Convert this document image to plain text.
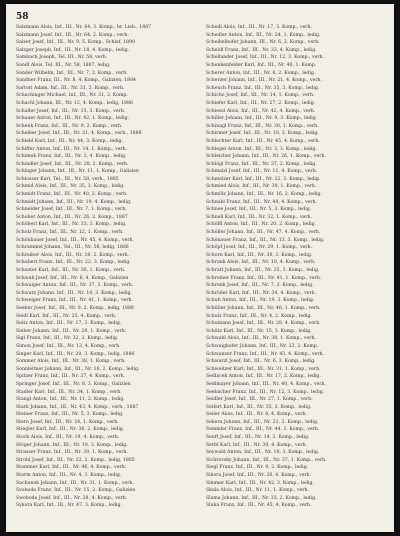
58
Salzmann Alois, Inf., III., Nr. 64, 3. Komp., br. Lieb., 1887
Salzmann Josef, Inf., III., Nr. 64, 2. Komp., verh.
Salzer Josef, Inf., III., Nr. 9, 5. Komp., Schlaf, 1890
Salzger Joseph, Inf., III., Nr. 18, 4. Komp., ledig.
Sambach Joseph, Tel. III., Nr. 58, verh.
Sandl Alois, Tel. III., Nr. 58, 1887, ledig.
Sander Wilhelm, Inf., III., Nr. 7, 2. Komp., verh.
Sandner Franz, III., Nr. 8, 4. Komp., Galizien, 1884
Sartori Adam, Inf., III., Nr. 31, 2. Komp., verh.
Schachinger Michael, Inf., III., Nr. 31, 2. Komp.
Schachl Johann, III., Nr. 12, 4. Komp., ledig, 1886
Schaller Josef, Inf., III., Nr. 15, 3. Komp., verh.
Schauer Anton, Inf., III., Nr. 42, 1. Komp., ledig.
Schenk Franz, Inf., III., Nr. 9, 2. Komp., verh.
Scheiber Josef, Inf., III., Nr. 21, 4. Komp., verh., 1888
Schiebl Karl, Inf., III., Nr. 44, 3. Komp., ledig.
Schiffer Anton, Inf., III., Nr. 14, 1. Komp., verh.
Schimek Franz, Inf., III., Nr. 3, 4. Komp., ledig.
Schindler Josef, Inf., III., Nr. 28, 2. Komp., verh.
Schlager Johann, Inf., III., Nr. 11, 1. Komp., Galizien
Schlosser Karl, Tel., III., Nr. 58, verh., 1885
Schmid Alois, Inf., III., Nr. 35, 3. Komp., ledig.
Schmidt Franz, Inf., III., Nr. 40, 2. Komp., verh.
Schmidt Johann, Inf., III., Nr. 19, 4. Komp., ledig.
Schneider Josef, Inf., III., Nr. 7, 1. Komp., verh.
Schober Anton, Inf., III., Nr. 26, 2. Komp., 1887
Schöberl Karl, Inf., III., Nr. 33, 3. Komp., ledig.
Scholz Franz, Inf., III., Nr. 12, 1. Komp., verh.
Schönbauer Josef, Inf., III., Nr. 45, 4. Komp., verh.
Schrammel Johann, Tel., III., Nr. 58, ledig, 1886
Schreiber Alois, Inf., III., Nr. 18, 2. Komp., verh.
Schubert Franz, Inf., III., Nr. 22, 3. Komp., ledig.
Schuster Karl, Inf., III., Nr. 30, 1. Komp., verh.
Schwab Josef, Inf., III., Nr. 6, 4. Komp., Galizien
Schwaiger Anton, Inf., III., Nr. 37, 2. Komp., verh.
Schwarz Johann, Inf., III., Nr. 14, 3. Komp., ledig.
Schweiger Franz, Inf., III., Nr. 41, 1. Komp., verh.
Seeber Josef, Inf., III., Nr. 9, 2. Komp., ledig, 1888
Seidl Karl, Inf., III., Nr. 25, 4. Komp., verh.
Seitz Anton, Inf., III., Nr. 17, 3. Komp., ledig.
Sieber Johann, Inf., III., Nr. 29, 1. Komp., verh.
Sigl Franz, Inf., III., Nr. 32, 2. Komp., ledig.
Simon Josef, Inf., III., Nr. 13, 4. Komp., verh.
Singer Karl, Inf., III., Nr. 20, 3. Komp., ledig, 1886
Sommer Alois, Inf., III., Nr. 38, 1. Komp., verh.
Sonnleitner Johann, Inf., III., Nr. 16, 2. Komp., ledig.
Spitzer Franz, Inf., III., Nr. 27, 4. Komp., verh.
Springer Josef, Inf., III., Nr. 8, 3. Komp., Galizien
Stadler Karl, Inf., III., Nr. 34, 1. Komp., verh.
Stangl Anton, Inf., III., Nr. 11, 2. Komp., ledig.
Stark Johann, Inf., III., Nr. 43, 4. Komp., verh., 1887
Steiner Franz, Inf., III., Nr. 5, 3. Komp., ledig.
Stern Josef, Inf., III., Nr. 24, 1. Komp., verh.
Stiegler Karl, Inf., III., Nr. 36, 2. Komp., ledig.
Stock Alois, Inf., III., Nr. 19, 4. Komp., verh.
Stöger Johann, Inf., III., Nr. 10, 3. Komp., ledig.
Strasser Franz, Inf., III., Nr. 39, 1. Komp., verh.
Strobl Josef, Inf., III., Nr. 23, 2. Komp., ledig, 1885
Stummer Karl, Inf., III., Nr. 46, 4. Komp., verh.
Sturm Anton, Inf., III., Nr. 4, 3. Komp., ledig.
Suchanek Johann, Inf., III., Nr. 31, 1. Komp., verh.
Svoboda Franz, Inf., III., Nr. 15, 2. Komp., Galizien
Swoboda Josef, Inf., III., Nr. 28, 4. Komp., verh.
Sykora Karl, Inf., III., Nr. 47, 3. Komp., ledig.
Schedl Alois, Inf., III., Nr. 17, 3. Komp., verh.
Schedler Anton, Inf., III., Nr. 24, 1. Komp., ledig.
Scheibelhofer Johann, III., Nr. 6, 2. Komp., verh.
Scheidl Franz, Inf., III., Nr. 33, 4. Komp., ledig.
Schellander Josef, Inf., III., Nr. 12, 3. Komp., verh.
Schenkenfelder Karl, Inf., III., Nr. 40, 1. Komp.
Scherer Anton, Inf., III., Nr. 8, 2. Komp., ledig.
Scherzer Johann, Inf., III., Nr. 21, 4. Komp., verh.
Scheuch Franz, Inf., III., Nr. 35, 3. Komp., ledig.
Schicho Josef, Inf., III., Nr. 14, 1. Komp., verh.
Schiefer Karl, Inf., III., Nr. 27, 2. Komp., ledig.
Schiessl Alois, Inf., III., Nr. 42, 4. Komp., verh.
Schiller Johann, Inf., III., Nr. 9, 3. Komp., ledig.
Schinagl Franz, Inf., III., Nr. 30, 1. Komp., verh.
Schirmer Josef, Inf., III., Nr. 18, 2. Komp., ledig.
Schlechter Karl, Inf., III., Nr. 45, 4. Komp., verh.
Schlegel Anton, Inf., III., Nr. 3, 3. Komp., ledig.
Schleicher Johann, Inf., III., Nr. 26, 1. Komp., verh.
Schlögl Franz, Inf., III., Nr. 37, 2. Komp., ledig.
Schmalzl Josef, Inf., III., Nr. 11, 4. Komp., verh.
Schmelzer Karl, Inf., III., Nr. 22, 3. Komp., ledig.
Schmied Alois, Inf., III., Nr. 39, 1. Komp., verh.
Schmölz Johann, Inf., III., Nr. 16, 2. Komp., ledig.
Schnabl Franz, Inf., III., Nr. 44, 4. Komp., verh.
Schnee Josef, Inf., III., Nr. 5, 3. Komp., ledig.
Schnell Karl, Inf., III., Nr. 32, 1. Komp., verh.
Schöffl Anton, Inf., III., Nr. 20, 2. Komp., ledig.
Schöller Johann, Inf., III., Nr. 47, 4. Komp., verh.
Schönauer Franz, Inf., III., Nr. 13, 3. Komp., ledig.
Schöpf Josef, Inf., III., Nr. 29, 1. Komp., verh.
Schorn Karl, Inf., III., Nr. 36, 2. Komp., ledig.
Schrank Alois, Inf., III., Nr. 10, 4. Komp., verh.
Schratt Johann, Inf., III., Nr. 25, 3. Komp., ledig.
Schreiner Franz, Inf., III., Nr. 41, 1. Komp., verh.
Schrenk Josef, Inf., III., Nr. 7, 2. Komp., ledig.
Schröder Karl, Inf., III., Nr. 34, 4. Komp., verh.
Schuh Anton, Inf., III., Nr. 19, 3. Komp., ledig.
Schüller Johann, Inf., III., Nr. 46, 1. Komp., verh.
Schulz Franz, Inf., III., Nr. 4, 2. Komp., ledig.
Schumann Josef, Inf., III., Nr. 28, 4. Komp., verh.
Schütz Karl, Inf., III., Nr. 15, 3. Komp., ledig.
Schwabl Alois, Inf., III., Nr. 38, 1. Komp., verh.
Schwaighofer Johann, Inf., III., Nr. 23, 2. Komp.
Schwanzer Franz, Inf., III., Nr. 43, 4. Komp., verh.
Schwarzl Josef, Inf., III., Nr. 6, 3. Komp., ledig.
Schweitzer Karl, Inf., III., Nr. 31, 1. Komp., verh.
Sedlacek Anton, Inf., III., Nr. 17, 2. Komp., ledig.
Sedlmayer Johann, Inf., III., Nr. 40, 4. Komp., verh.
Seebacher Franz, Inf., III., Nr. 12, 3. Komp., ledig.
Seidler Josef, Inf., III., Nr. 27, 1. Komp., verh.
Seifert Karl, Inf., III., Nr. 35, 2. Komp., ledig.
Seiler Alois, Inf., III., Nr. 8, 4. Komp., verh.
Sekera Johann, Inf., III., Nr. 21, 3. Komp., ledig.
Semmler Franz, Inf., III., Nr. 44, 1. Komp., verh.
Senft Josef, Inf., III., Nr. 14, 2. Komp., ledig.
Serbl Karl, Inf., III., Nr. 30, 4. Komp., verh.
Seywald Anton, Inf., III., Nr. 18, 3. Komp., ledig.
Sichrovsky Johann, Inf., III., Nr. 37, 1. Komp., verh.
Siegl Franz, Inf., III., Nr. 9, 2. Komp., ledig.
Sikora Josef, Inf., III., Nr. 26, 4. Komp., verh.
Simmer Karl, Inf., III., Nr. 42, 3. Komp., ledig.
Skala Alois, Inf., III., Nr. 11, 1. Komp., verh.
Slama Johann, Inf., III., Nr. 33, 2. Komp., ledig.
Sluka Franz, Inf., III., Nr. 45, 4. Komp., verh.
